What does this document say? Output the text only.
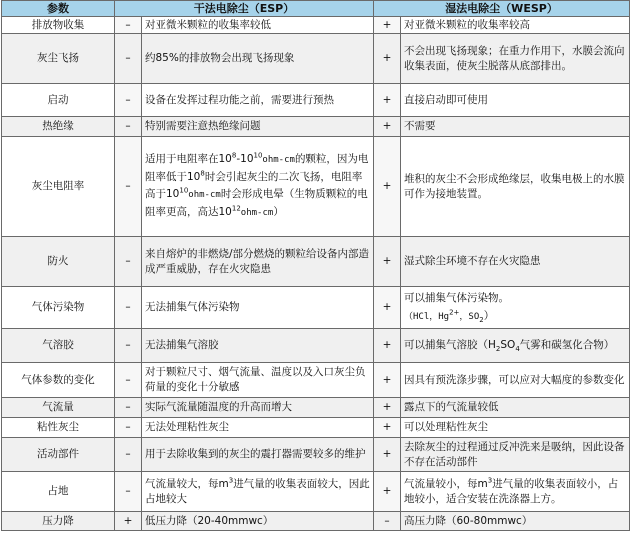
参数	干法电除尘（ESP）		湿法电除尘（WESP）	
排放物收集	–	对亚微米颗粒的收集率较低	+	对亚微米颗粒的收集率较高
灰尘飞扬	–	约85%的排放物会出现飞扬现象	+	不会出现飞扬现象；在重力作用下，水膜会流向收集表面，使灰尘脱落从底部排出。
启动	–	设备在发挥过程功能之前，需要进行预热	+	直接启动即可使用
热绝缘	–	特别需要注意热绝缘问题	+	不需要
灰尘电阻率	–	适用于电阻率在$10^8-10^{10}ohm-cm$的颗粒，因为电阻率低于$10^8$时会引起灰尘的二次飞扬，电阻率高于$10^{10}ohm-cm$时会形成电晕（生物质颗粒的电阻率更高，高达$10^{12}ohm-cm$）	+	堆积的灰尘不会形成绝缘层，收集电极上的水膜可作为接地装置。
防火	–	来自熔炉的非燃烧/部分燃烧的颗粒给设备内部造成严重威胁，存在火灾隐患	+	湿式除尘环境不存在火灾隐患
气体污染物	–	无法捕集气体污染物	+	可以捕集气体污染物。
（HCl，$Hg^{2+}$，$SO_2$）
气溶胶	–	无法捕集气溶胶	+	可以捕集气溶胶（$H_2SO_4$气雾和碳氢化合物）
气体参数的变化	–	对于颗粒尺寸、烟气流量、温度以及入口灰尘负荷量的变化十分敏感	+	因具有预洗涤步骤，可以应对大幅度的参数变化
气流量	–	实际气流量随温度的升高而增大	+	露点下的气流量较低
粘性灰尘	–	无法处理粘性灰尘	+	可以处理粘性灰尘
活动部件	–	用于去除收集到的灰尘的震打器需要较多的维护	+	去除灰尘的过程通过反冲洗来是吸纳，因此设备不存在活动部件
占地	–	气流量较大，每$m^3$进气量的收集表面较大，因此占地较大	+	气流量较小，每$m^3$进气量的收集表面较小，占地较小，适合安装在洗涤器上方。
压力降	+	低压力降（20-40mmwc）	–	高压力降（60-80mmwc）
